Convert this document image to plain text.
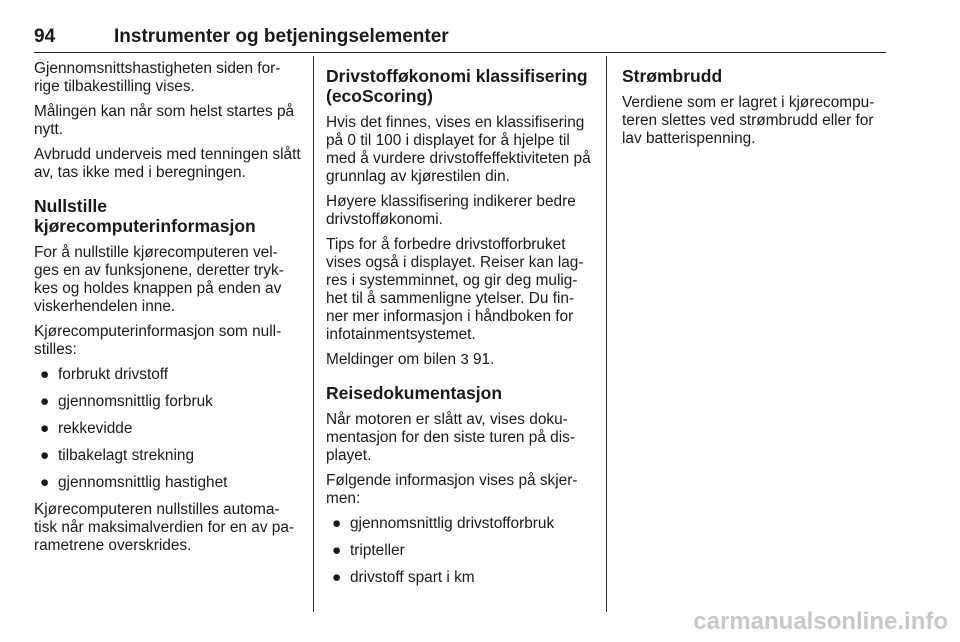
94	Instrumenter og betjeningselementer

Gjennomsnittshastigheten siden for-rige tilbakestilling vises.

Målingen kan når som helst startes på nytt.

Avbrudd underveis med tenningen slått av, tas ikke med i beregningen.

Nullstille kjørecomputerinformasjon

For å nullstille kjørecomputeren vel-ges en av funksjonene, deretter tryk-kes og holdes knappen på enden av viskerhendelen inne.

Kjørecomputerinformasjon som null-stilles:

● forbrukt drivstoff
● gjennomsnittlig forbruk
● rekkevidde
● tilbakelagt strekning
● gjennomsnittlig hastighet

Kjørecomputeren nullstilles automa-tisk når maksimalverdien for en av pa-rametrene overskrides.

Drivstofføkonomi klassifisering (ecoScoring)

Hvis det finnes, vises en klassifisering på 0 til 100 i displayet for å hjelpe til med å vurdere drivstoffeffektiviteten på grunnlag av kjørestilen din.

Høyere klassifisering indikerer bedre drivstofføkonomi.

Tips for å forbedre drivstofforbruket vises også i displayet. Reiser kan lag-res i systemminnet, og gir deg mulig-het til å sammenligne ytelser. Du fin-ner mer informasjon i håndboken for infotainmentsystemet.

Meldinger om bilen 3 91.

Reisedokumentasjon

Når motoren er slått av, vises doku-mentasjon for den siste turen på dis-playet.

Følgende informasjon vises på skjer-men:

● gjennomsnittlig drivstofforbruk
● tripteller
● drivstoff spart i km
Strømbrudd

Verdiene som er lagret i kjørecompu-teren slettes ved strømbrudd eller for lav batterispenning.

carmanualsonline.info
